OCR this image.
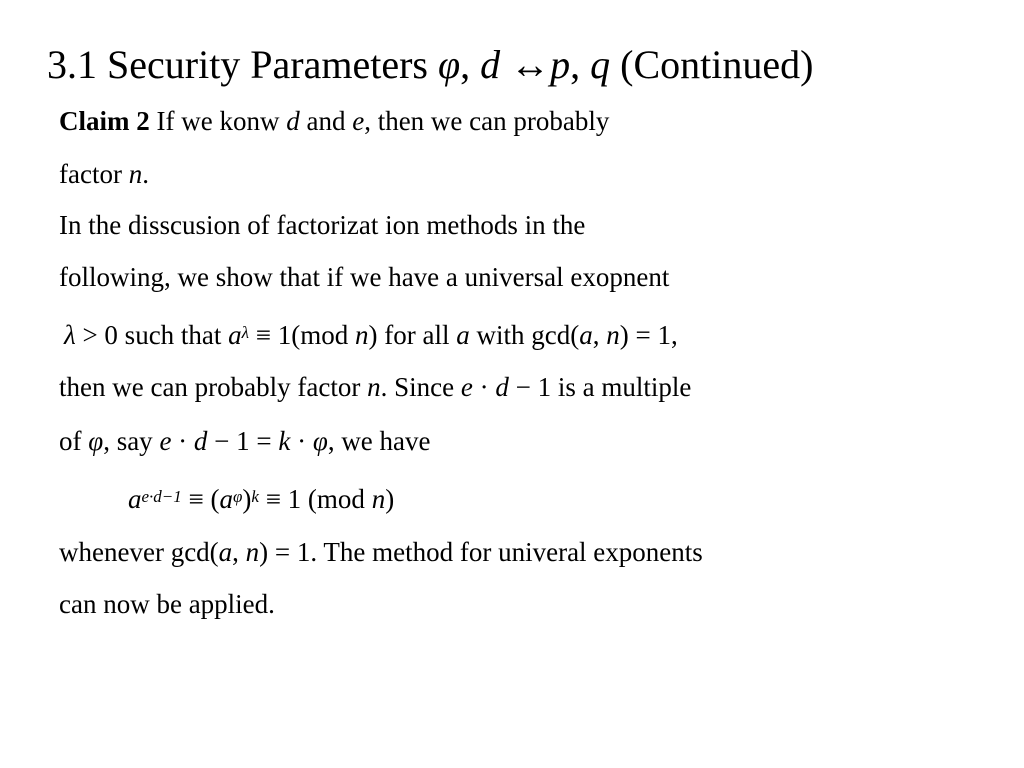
3.1 Security Parameters φ, d ↔p, q (Continued)
Claim 2 If we konw d and e, then we can probably
factor n.
In the disscusion of factorizat ion methods in the
following, we show that if we have a universal exopnent
λ > 0 such that $a^\lambda \equiv 1(mod$ n) for all a with gcd(a, n) = 1,
then we can probably factor n. Since e · d − 1 is a multiple
of φ, say e · d − 1 = k · φ, we have
$a^{e\cdot d-1} \equiv (a^\varphi)^k \equiv 1$ (mod n)
whenever gcd(a, n) = 1. The method for univeral exponents
can now be applied.
